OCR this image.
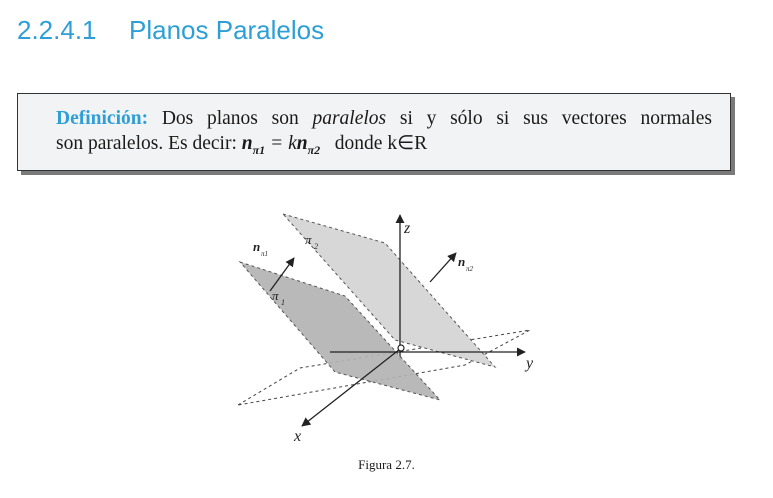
2.2.4.1 Planos Paralelos
Definición: Dos planos son paralelos si y sólo si sus vectores normales
son paralelos. Es decir: $n_{\pi 1} = kn_{\pi 2}$ donde k∈R
z
y
x
π 1
π 2
n π1	n π2
Figura 2.7.
